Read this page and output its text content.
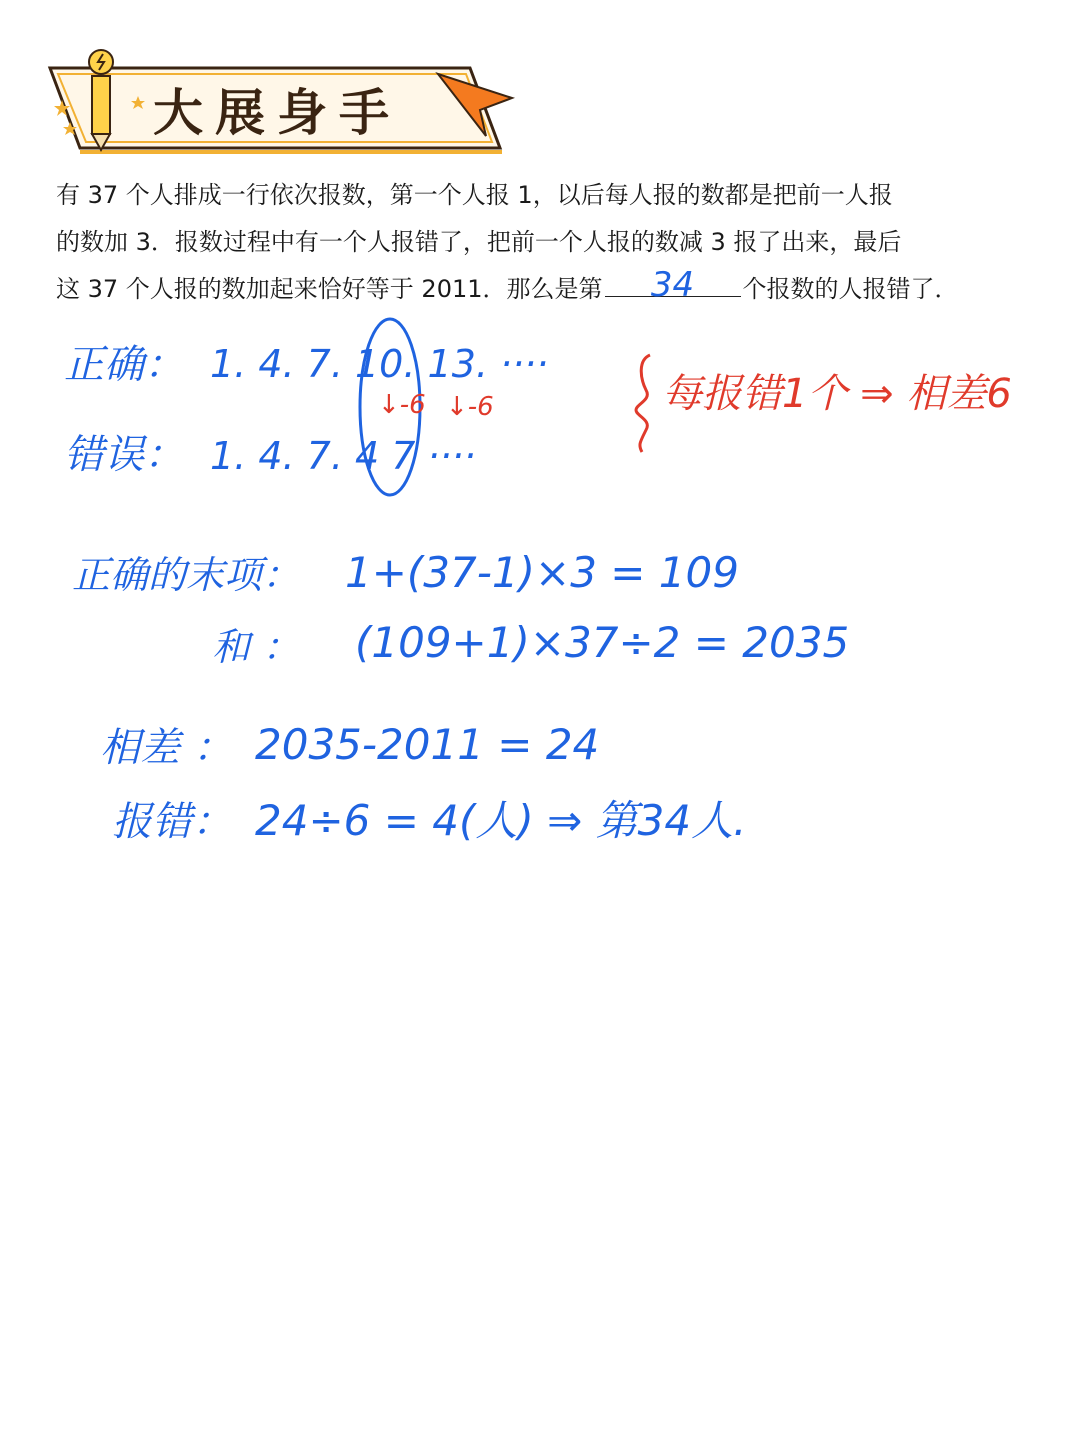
大展身手

有 37 个人排成一行依次报数，第一个人报 1，以后每人报的数都是把前一人报

的数加 3．报数过程中有一个人报错了，把前一个人报的数减 3 报了出来，最后

这 37 个人报的数加起来恰好等于 2011．那么是第	34	个报数的人报错了．

正确： 1. 4. 7. 10. 13. ····
↓-6 ↓-6	每报错1个 ⇒ 相差6
错误： 1. 4. 7. 4 7 ····
正确的末项： 1+(37-1)×3 = 109
和 ： (109+1)×37÷2 = 2035
相差 ： 2035-2011 = 24
报错： 24÷6 = 4(人) ⇒ 第34人.
